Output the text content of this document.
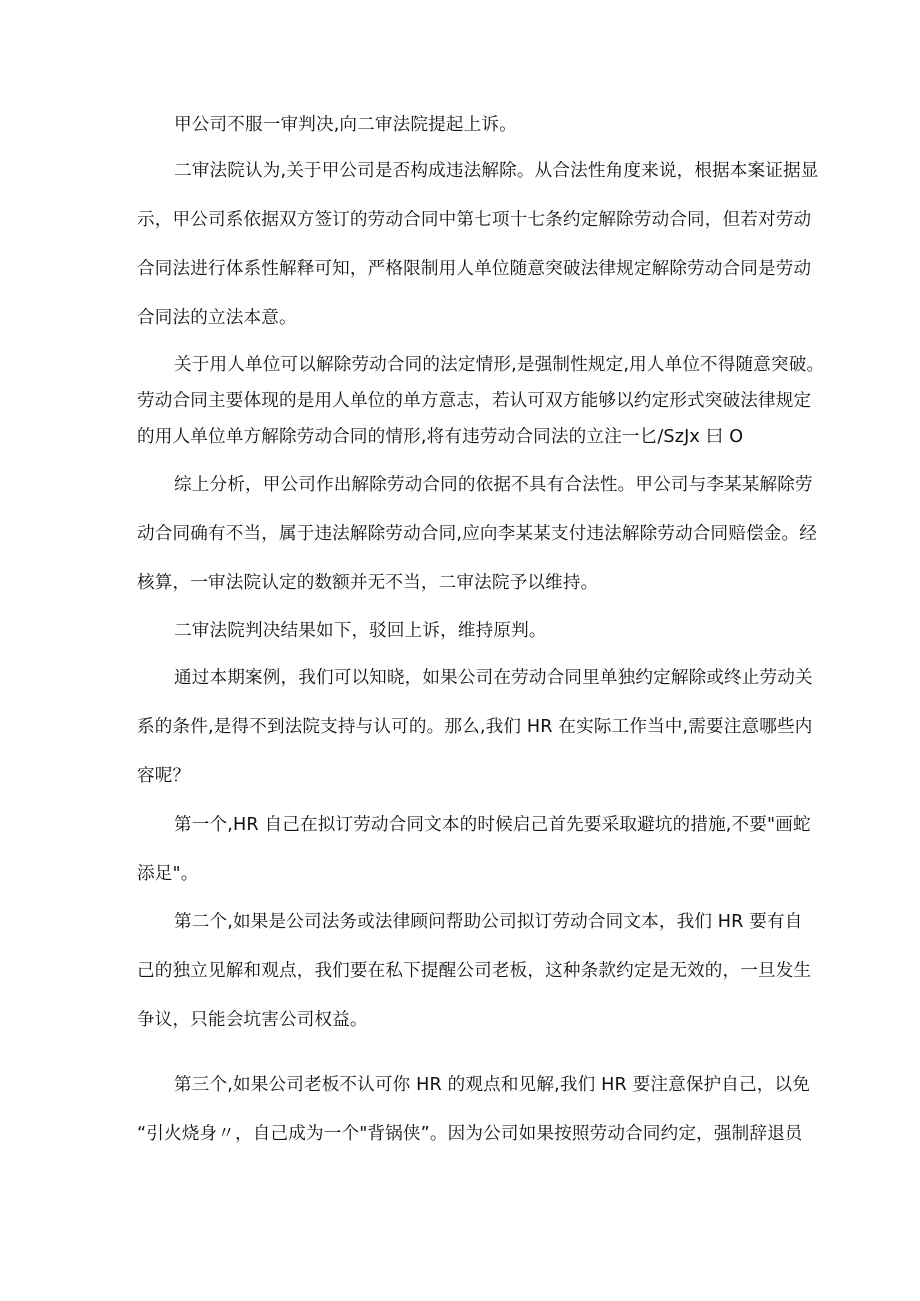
甲公司不服一审判决,向二审法院提起上诉。
二审法院认为,关于甲公司是否构成违法解除。从合法性角度来说，根据本案证据显
示，甲公司系依据双方签订的劳动合同中第七项十七条约定解除劳动合同，但若对劳动
合同法进行体系性解释可知，严格限制用人单位随意突破法律规定解除劳动合同是劳动
合同法的立法本意。
关于用人单位可以解除劳动合同的法定情形,是强制性规定,用人单位不得随意突破。
劳动合同主要体现的是用人单位的单方意志，若认可双方能够以约定形式突破法律规定
的用人单位单方解除劳动合同的情形,将有违劳动合同法的立注一匕/SzJx 曰 O
综上分析，甲公司作出解除劳动合同的依据不具有合法性。甲公司与李某某解除劳
动合同确有不当，属于违法解除劳动合同,应向李某某支付违法解除劳动合同赔偿金。经
核算，一审法院认定的数额并无不当，二审法院予以维持。
二审法院判决结果如下，驳回上诉，维持原判。
通过本期案例，我们可以知晓，如果公司在劳动合同里单独约定解除或终止劳动关
系的条件,是得不到法院支持与认可的。那么,我们 HR 在实际工作当中,需要注意哪些内
容呢？
第一个,HR 自己在拟订劳动合同文本的时候启己首先要采取避坑的措施,不要"画蛇
添足"。
第二个,如果是公司法务或法律顾问帮助公司拟订劳动合同文本，我们 HR 要有自
己的独立见解和观点，我们要在私下提醒公司老板，这种条款约定是无效的，一旦发生
争议，只能会坑害公司权益。
第三个,如果公司老板不认可你 HR 的观点和见解,我们 HR 要注意保护自己，以免
“引火烧身〃，自己成为一个"背锅侠”。因为公司如果按照劳动合同约定，强制辞退员
